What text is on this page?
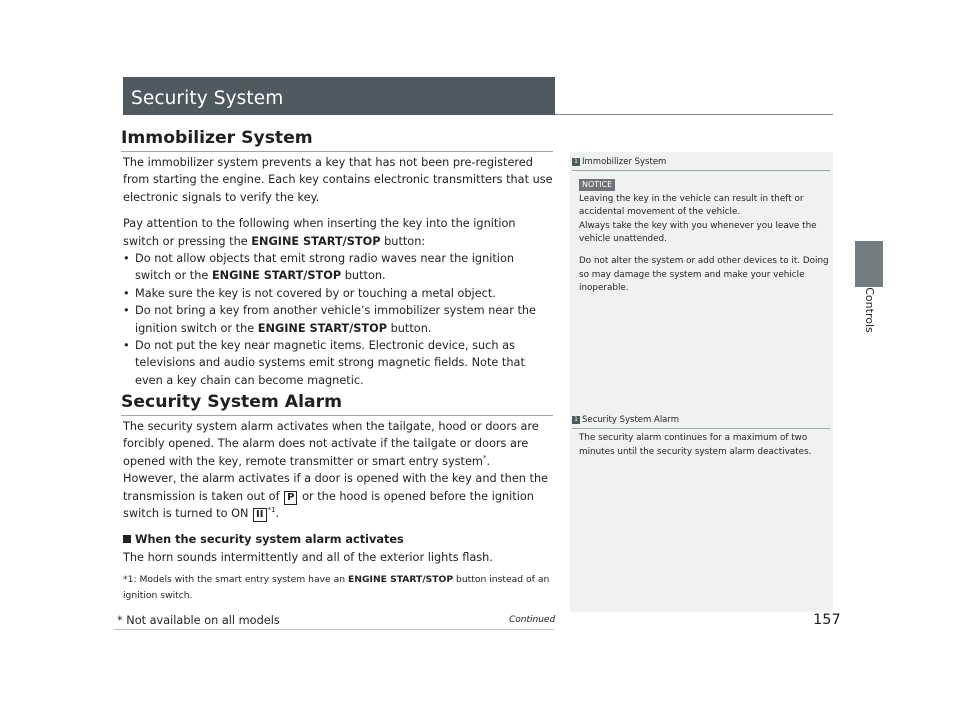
Security System
Controls
Immobilizer System

The immobilizer system prevents a key that has not been pre-registered from starting the engine. Each key contains electronic transmitters that use electronic signals to verify the key.

Pay attention to the following when inserting the key into the ignition switch or pressing the ENGINE START/STOP button:

• Do not allow objects that emit strong radio waves near the ignition switch or the ENGINE START/STOP button.
• Make sure the key is not covered by or touching a metal object.
• Do not bring a key from another vehicle’s immobilizer system near the ignition switch or the ENGINE START/STOP button.
• Do not put the key near magnetic items. Electronic device, such as televisions and audio systems emit strong magnetic fields. Note that even a key chain can become magnetic.
Security System Alarm

The security system alarm activates when the tailgate, hood or doors are forcibly opened. The alarm does not activate if the tailgate or doors are opened with the key, remote transmitter or smart entry system*.

However, the alarm activates if a door is opened with the key and then the transmission is taken out of P or the hood is opened before the ignition switch is turned to ON II $^{*1}$.

When the security system alarm activates

The horn sounds intermittently and all of the exterior lights flash.

*1: Models with the smart entry system have an ENGINE START/STOP button instead of an ignition switch.

1 Immobilizer System
NOTICE

Leaving the key in the vehicle can result in theft or accidental movement of the vehicle.

Always take the key with you whenever you leave the vehicle unattended.

Do not alter the system or add other devices to it. Doing so may damage the system and make your vehicle inoperable.

1 Security System Alarm

The security alarm continues for a maximum of two minutes until the security system alarm deactivates.

Continued	157
* Not available on all models
